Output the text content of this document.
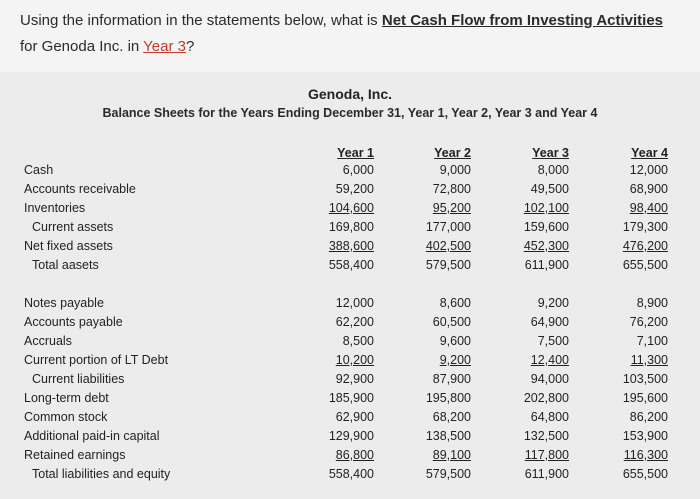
Using the information in the statements below, what is Net Cash Flow from Investing Activities
for Genoda Inc. in Year 3?
Genoda, Inc.
Balance Sheets for the Years Ending December 31, Year 1, Year 2, Year 3 and Year 4
Year 1	Year 2	Year 3	Year 4
Cash	6,000	9,000	8,000	12,000
Accounts receivable	59,200	72,800	49,500	68,900
Inventories	104,600	95,200	102,100	98,400
Current assets	169,800	177,000	159,600	179,300
Net fixed assets	388,600	402,500	452,300	476,200
Total aasets	558,400	579,500	611,900	655,500
Notes payable	12,000	8,600	9,200	8,900
Accounts payable	62,200	60,500	64,900	76,200
Accruals	8,500	9,600	7,500	7,100
Current portion of LT Debt	10,200	9,200	12,400	11,300
Current liabilities	92,900	87,900	94,000	103,500
Long-term debt	185,900	195,800	202,800	195,600
Common stock	62,900	68,200	64,800	86,200
Additional paid-in capital	129,900	138,500	132,500	153,900
Retained earnings	86,800	89,100	117,800	116,300
Total liabilities and equity	558,400	579,500	611,900	655,500
